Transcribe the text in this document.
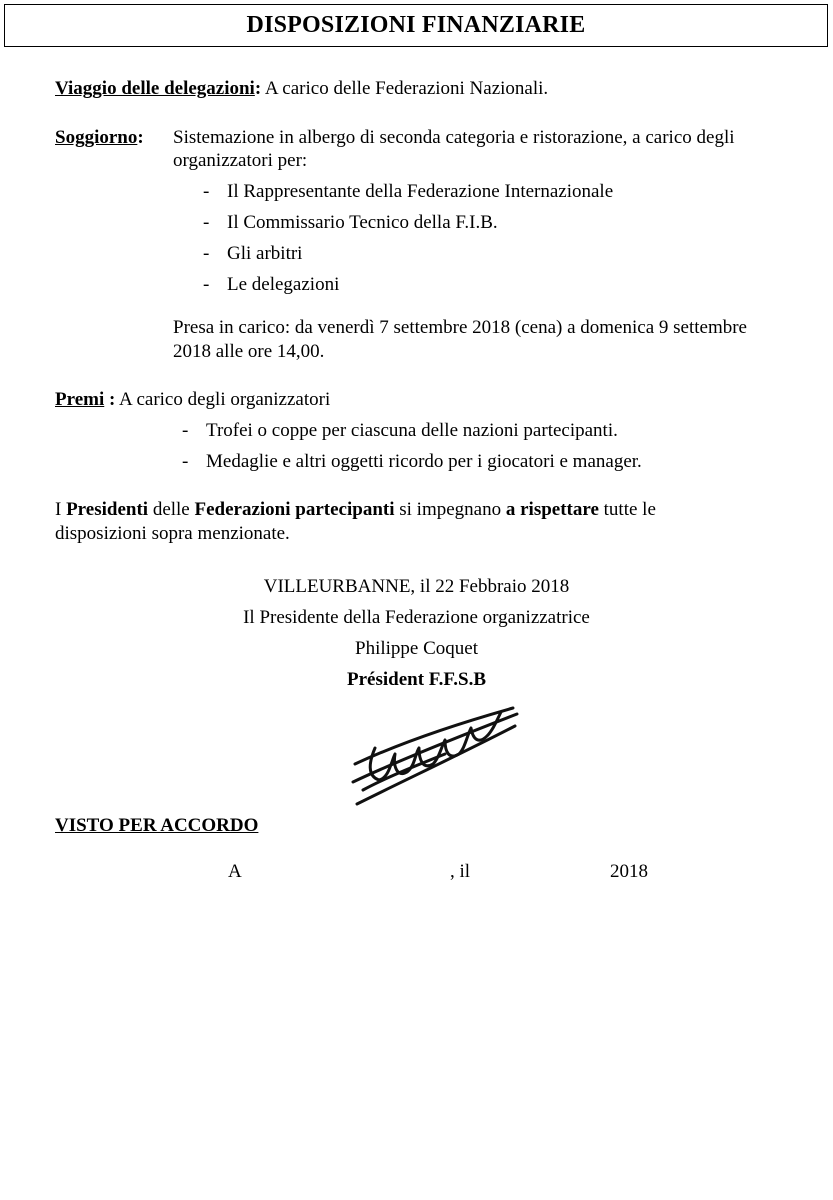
DISPOSIZIONI FINANZIARIE
Viaggio delle delegazioni: A carico delle Federazioni Nazionali.
Soggiorno: Sistemazione in albergo di seconda categoria e ristorazione, a carico degli
organizzatori per:
- Il Rappresentante della Federazione Internazionale
- Il Commissario Tecnico della F.I.B.
- Gli arbitri
- Le delegazioni
Presa in carico: da venerdì 7 settembre 2018 (cena) a domenica 9 settembre
2018 alle ore 14,00.
Premi : A carico degli organizzatori
- Trofei o coppe per ciascuna delle nazioni partecipanti.
- Medaglie e altri oggetti ricordo per i giocatori e manager.
I Presidenti delle Federazioni partecipanti si impegnano a rispettare tutte le
disposizioni sopra menzionate.
VILLEURBANNE, il 22 Febbraio 2018
Il Presidente della Federazione organizzatrice
Philippe Coquet
Président F.F.S.B
VISTO PER ACCORDO
A	, il	2018
